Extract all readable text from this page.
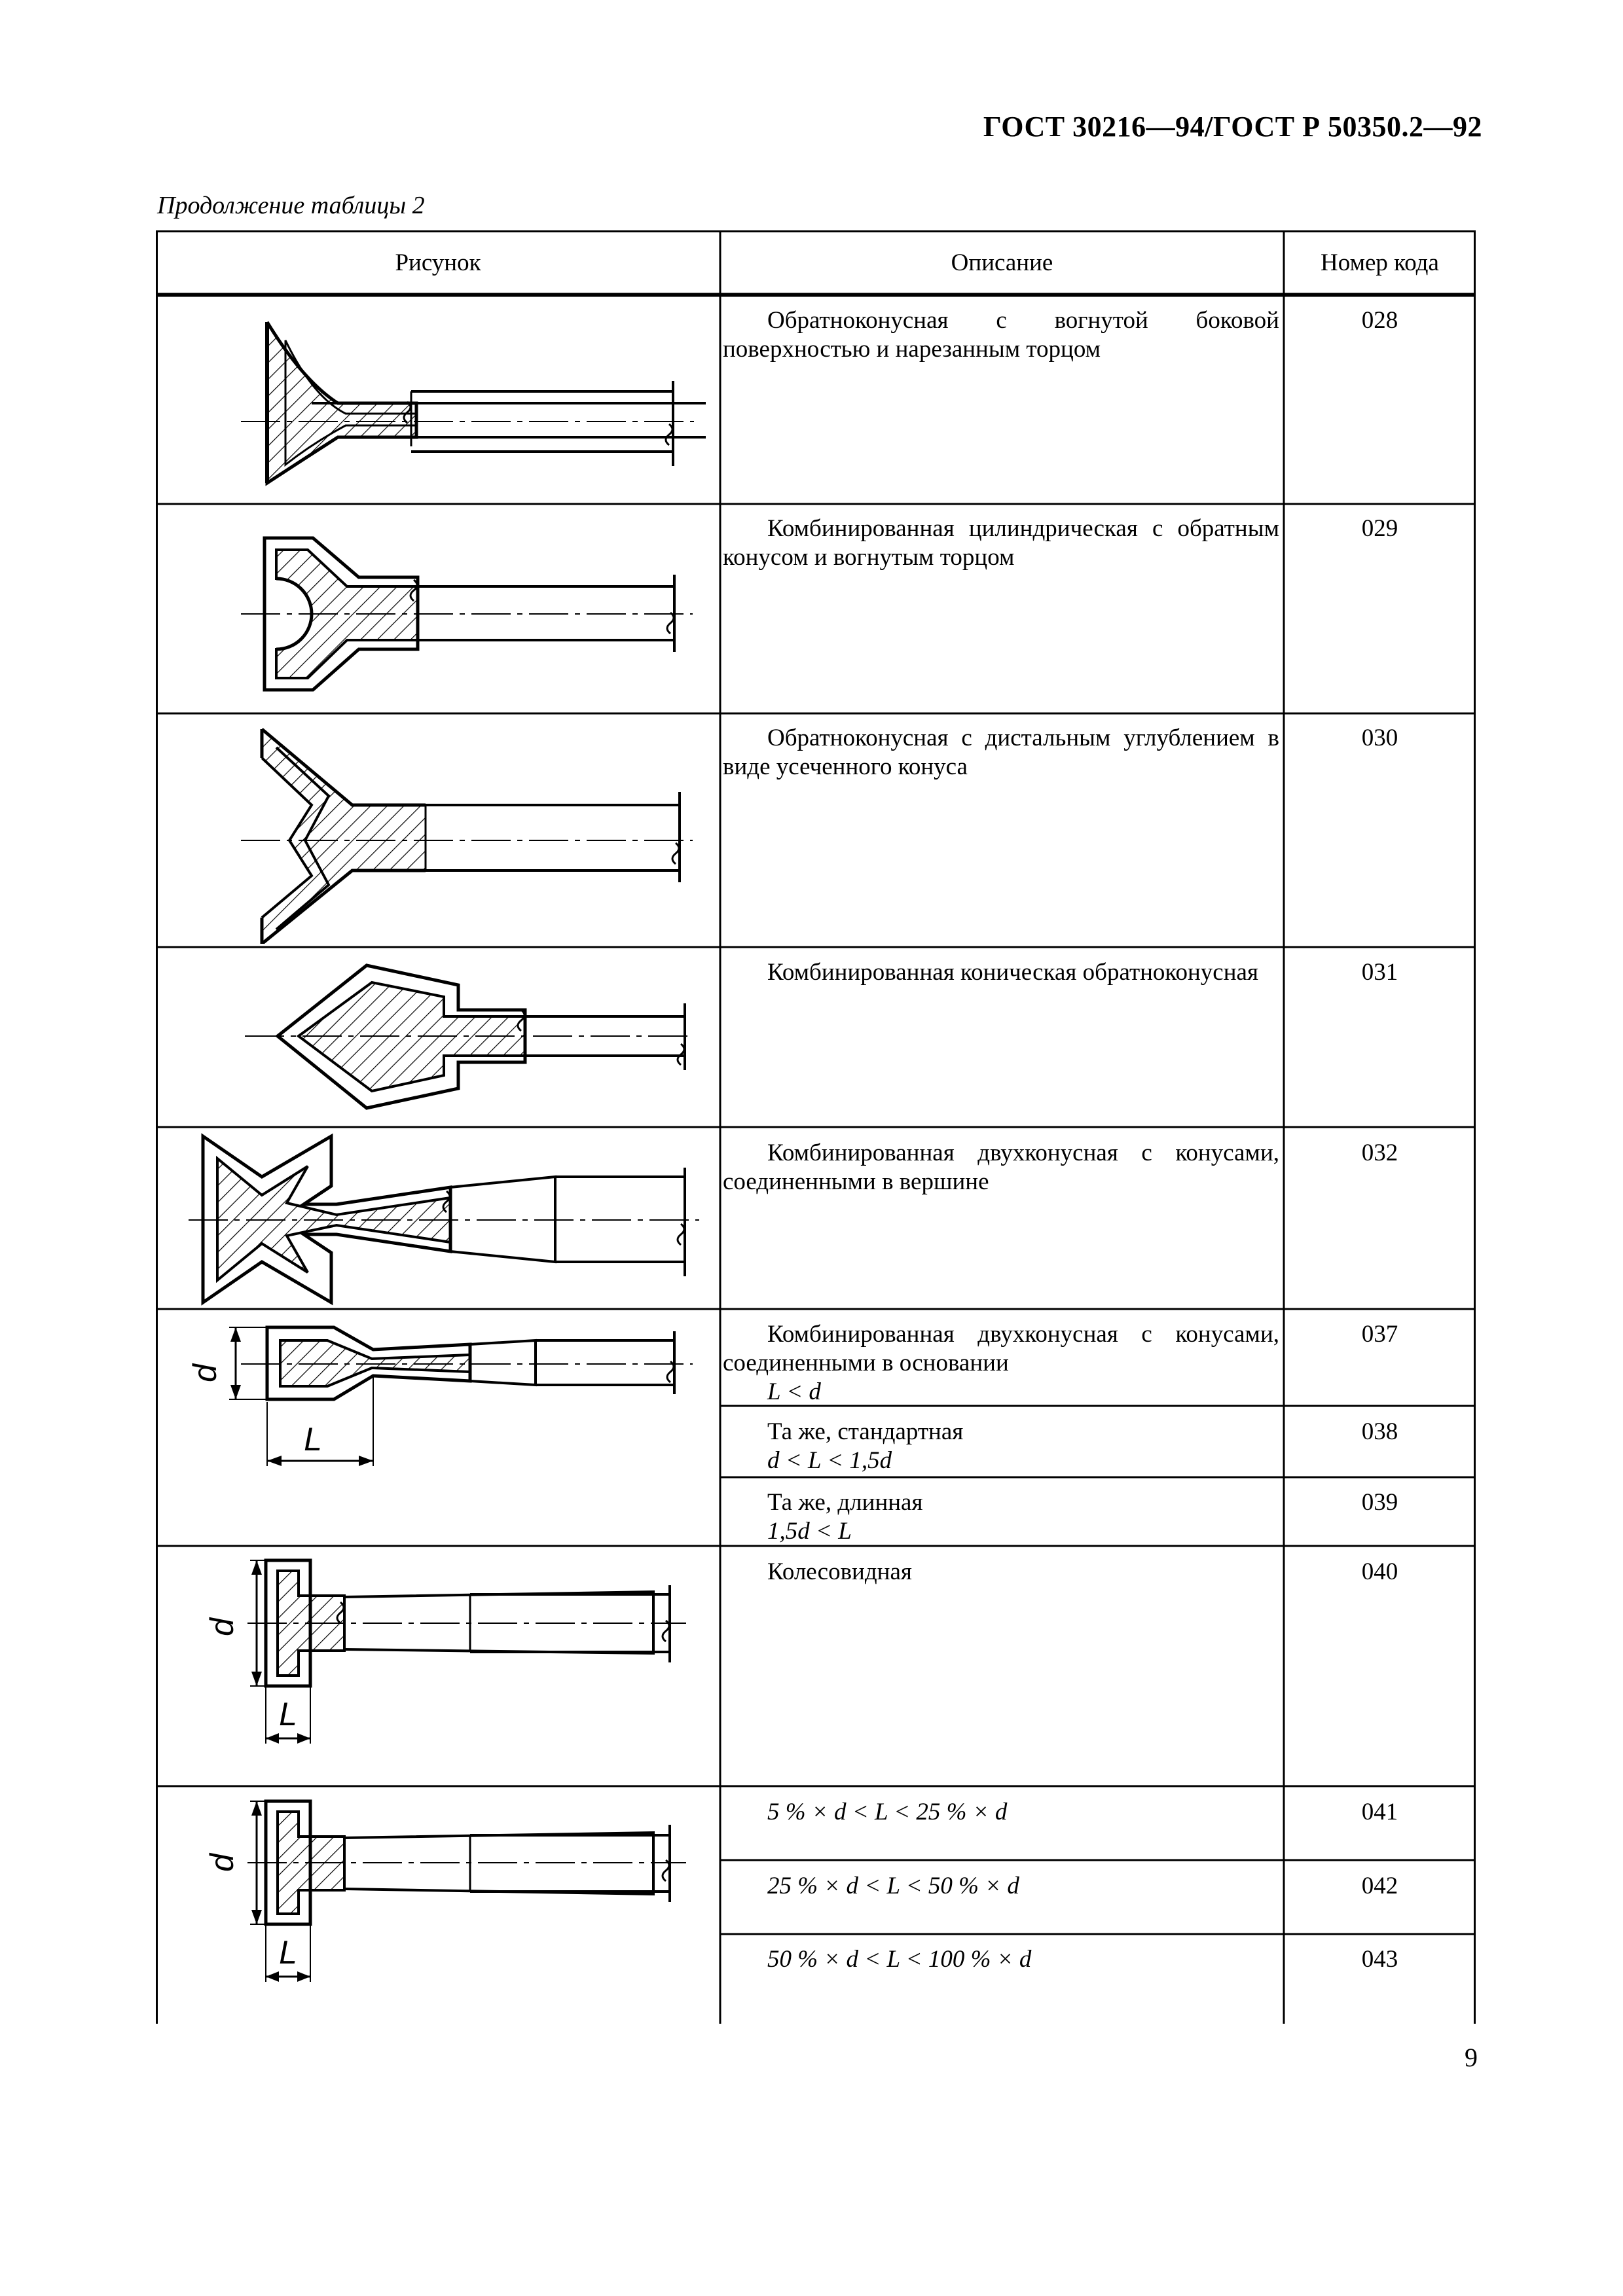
ГОСТ 30216—94/ГОСТ Р 50350.2—92
Продолжение таблицы 2
Рисунок	Описание	Номер кода

Обратноконусная с вогнутой боковой поверхностью и нарезанным торцом

Комбинированная цилиндрическая с обратным конусом и вогнутым торцом

Обратноконусная с дистальным углублением в виде усеченного конуса

Комбинированная коническая обратноконусная

Комбинированная двухконусная с конусами, соединенными в вершине

Комбинированная двухконусная с конусами, соединенными в основании

L < d

Та же, стандартная

d < L < 1,5d

Та же, длинная

1,5d < L

Колесовидная

5 % × d < L < 25 % × d

25 % × d < L < 50 % × d

50 % × d < L < 100 % × d

028
029
030
031
032
037
038
039
040
041
042
043
d
L
d
L
d
L
9
